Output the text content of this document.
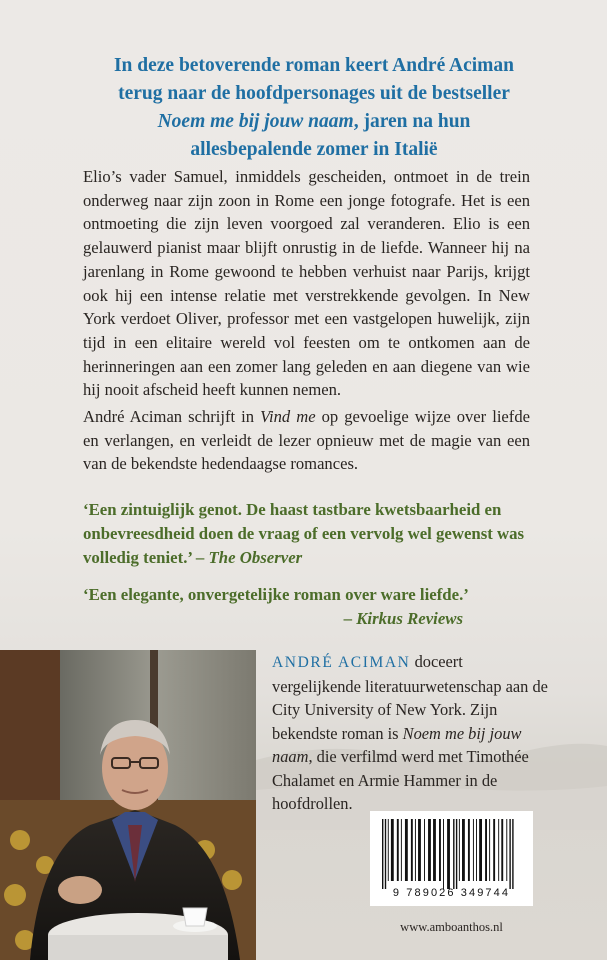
In deze betoverende roman keert André Aciman
terug naar de hoofdpersonages uit de bestseller
Noem me bij jouw naam, jaren na hun
allesbepalende zomer in Italië
Elio’s vader Samuel, inmiddels gescheiden, ontmoet in de trein onderweg naar zijn zoon in Rome een jonge fotografe. Het is een ontmoeting die zijn leven voorgoed zal veranderen. Elio is een gelauwerd pianist maar blijft onrustig in de liefde. Wanneer hij na jarenlang in Rome gewoond te hebben verhuist naar Parijs, krijgt ook hij een intense relatie met verstrekkende gevolgen. In New York verdoet Oliver, professor met een vastgelopen huwelijk, zijn tijd in een elitaire wereld vol feesten om te ontkomen aan de herinneringen aan een zomer lang geleden en aan diegene van wie hij nooit afscheid heeft kunnen nemen.
André Aciman schrijft in Vind me op gevoelige wijze over liefde en verlangen, en verleidt de lezer opnieuw met de magie van een van de bekendste hedendaagse romances.
‘Een zintuiglijk genot. De haast tastbare kwetsbaarheid en onbevreesdheid doen de vraag of een vervolg wel gewenst was volledig teniet.’ – The Observer
‘Een elegante, onvergetelijke roman over ware liefde.’
– Kirkus Reviews
ANDRÉ ACIMAN doceert vergelijkende literatuurwetenschap aan de City University of New York. Zijn bekendste roman is Noem me bij jouw naam, die verfilmd werd met Timothée Chalamet en Armie Hammer in de hoofdrollen.
9 789026 349744
www.amboanthos.nl
